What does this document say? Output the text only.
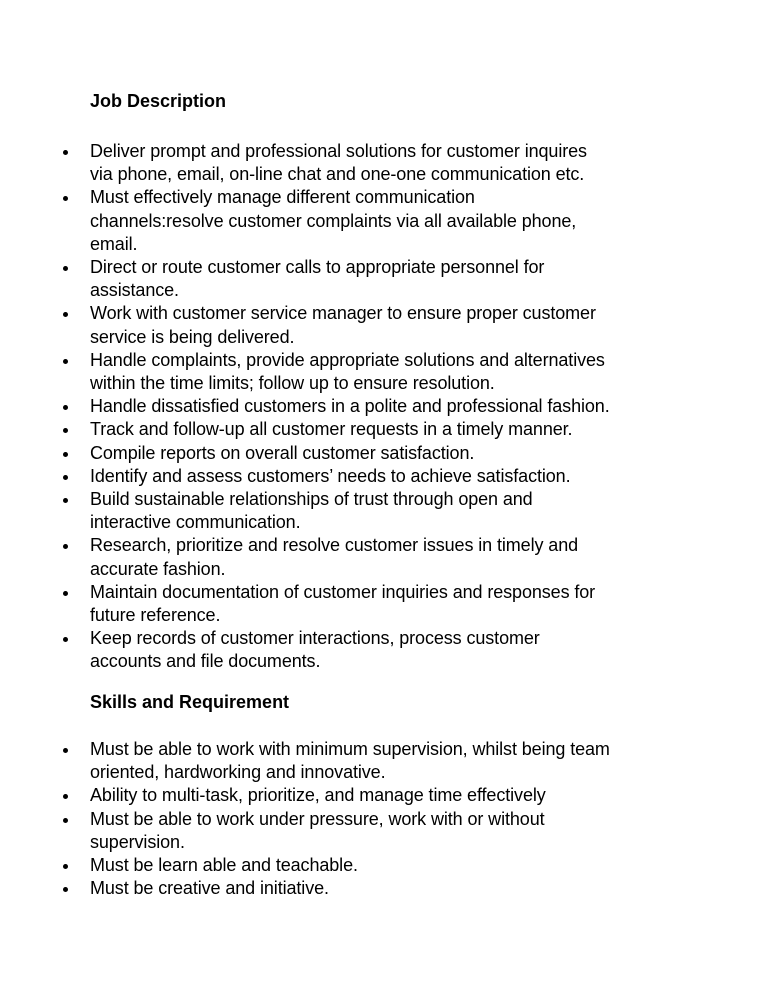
Job Description
Deliver prompt and professional solutions for customer inquires
via phone, email, on-line chat and one-one communication etc.
Must effectively manage different communication
channels:resolve customer complaints via all available phone,
email.
Direct or route customer calls to appropriate personnel for
assistance.
Work with customer service manager to ensure proper customer
service is being delivered.
Handle complaints, provide appropriate solutions and alternatives
within the time limits; follow up to ensure resolution.
Handle dissatisfied customers in a polite and professional fashion.
Track and follow-up all customer requests in a timely manner.
Compile reports on overall customer satisfaction.
Identify and assess customers’ needs to achieve satisfaction.
Build sustainable relationships of trust through open and
interactive communication.
Research, prioritize and resolve customer issues in timely and
accurate fashion.
Maintain documentation of customer inquiries and responses for
future reference.
Keep records of customer interactions, process customer
accounts and file documents.
Skills and Requirement
Must be able to work with minimum supervision, whilst being team
oriented, hardworking and innovative.
Ability to multi-task, prioritize, and manage time effectively
Must be able to work under pressure, work with or without
supervision.
Must be learn able and teachable.
Must be creative and initiative.
